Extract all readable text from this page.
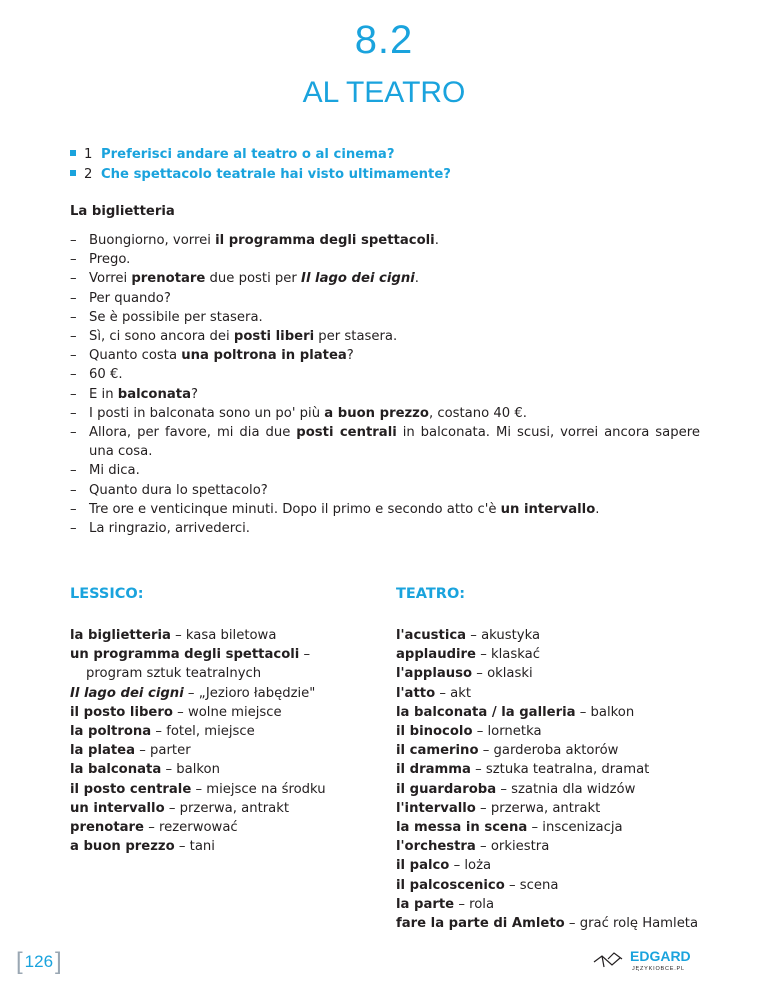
8.2
AL TEATRO
1 Preferisci andare al teatro o al cinema?
2 Che spettacolo teatrale hai visto ultimamente?
La biglietteria
– Buongiorno, vorrei il programma degli spettacoli.
– Prego.
– Vorrei prenotare due posti per Il lago dei cigni.
– Per quando?
– Se è possibile per stasera.
– Sì, ci sono ancora dei posti liberi per stasera.
– Quanto costa una poltrona in platea?
– 60 €.
– E in balconata?
– I posti in balconata sono un po' più a buon prezzo, costano 40 €.
– Allora, per favore, mi dia due posti centrali in balconata. Mi scusi, vorrei ancora sapere una cosa.
– Mi dica.
– Quanto dura lo spettacolo?
– Tre ore e venticinque minuti. Dopo il primo e secondo atto c'è un intervallo.
– La ringrazio, arrivederci.
LESSICO:	TEATRO:
la biglietteria – kasa biletowa
un programma degli spettacoli – program sztuk teatralnych
Il lago dei cigni – „Jezioro łabędzie"
il posto libero – wolne miejsce
la poltrona – fotel, miejsce
la platea – parter
la balconata – balkon
il posto centrale – miejsce na środku
un intervallo – przerwa, antrakt
prenotare – rezerwować
a buon prezzo – tani
l'acustica – akustyka
applaudire – klaskać
l'applauso – oklaski
l'atto – akt
la balconata / la galleria – balkon
il binocolo – lornetka
il camerino – garderoba aktorów
il dramma – sztuka teatralna, dramat
il guardaroba – szatnia dla widzów
l'intervallo – przerwa, antrakt
la messa in scena – inscenizacja
l'orchestra – orkiestra
il palco – loża
il palcoscenico – scena
la parte – rola
fare la parte di Amleto – grać rolę Hamleta
[ 126]	EDGARD
JĘZYKIOBCE.PL
